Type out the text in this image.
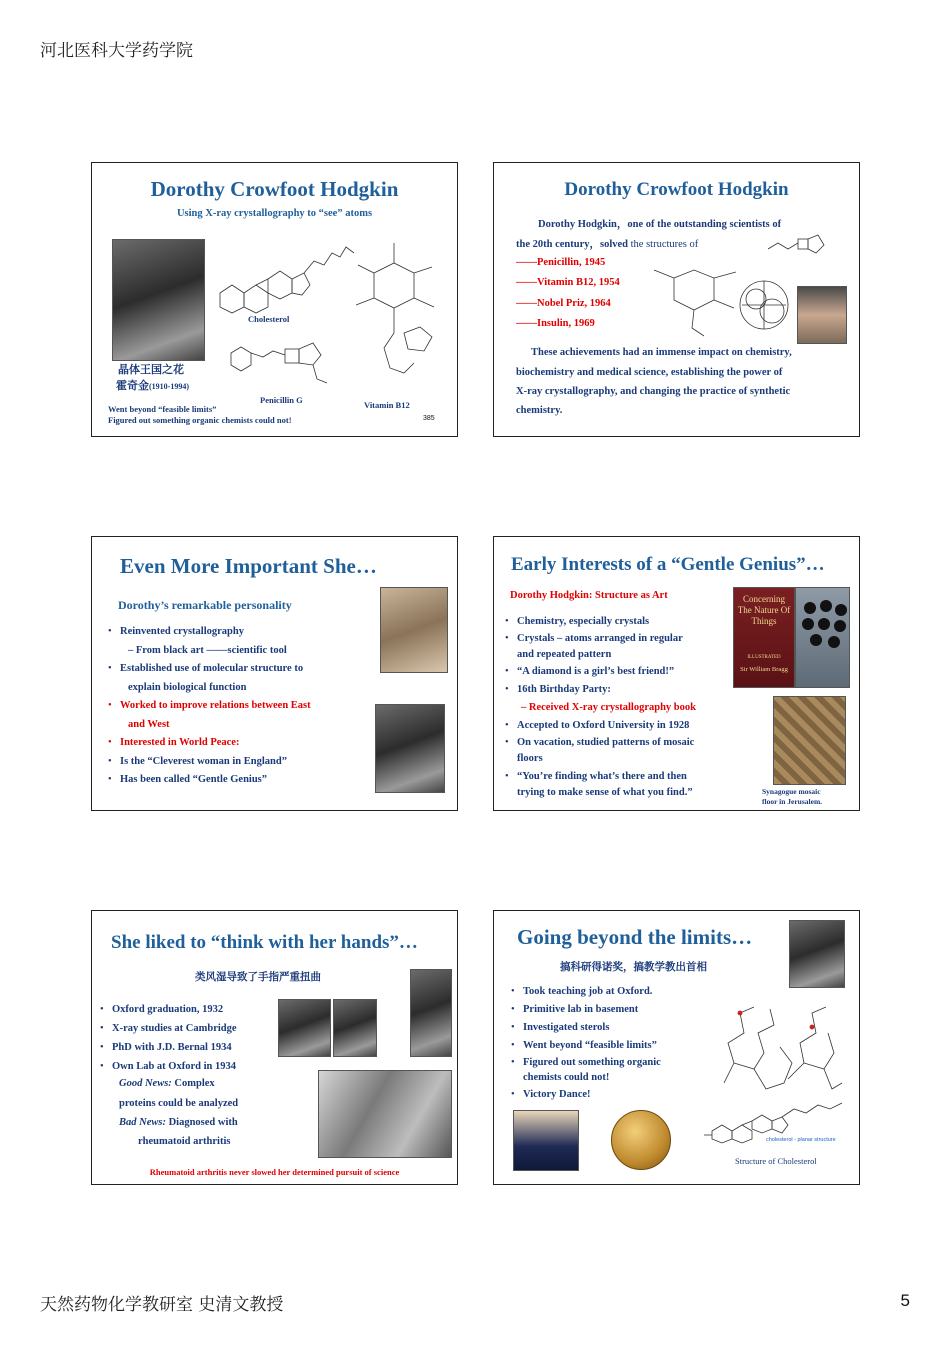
河北医科大学药学院
Dorothy Crowfoot Hodgkin
Using X-ray crystallography to “see” atoms
晶体王国之花
霍奇金(1910-1994)
Cholesterol
Penicillin G	Vitamin B12
Went beyond “feasible limits”
Figured out something organic chemists could not!	385
Dorothy Crowfoot Hodgkin
Dorothy Hodgkin，one of the outstanding scientists of
the 20th century，solved the structures of
——Penicillin, 1945
——Vitamin B12, 1954
——Nobel Priz, 1964
——Insulin, 1969
These achievements had an immense impact on chemistry,
biochemistry and medical science, establishing the power of
X-ray crystallography, and changing the practice of synthetic
chemistry.
Even More Important She…
Dorothy’s remarkable personality
• Reinvented crystallography
– From black art ——scientific tool
• Established use of molecular structure to
explain biological function
• Worked to improve relations between East
and West
• Interested in World Peace:
• Is the “Cleverest woman in England”
• Has been called “Gentle Genius”
Early Interests of a “Gentle Genius”…
Dorothy Hodgkin: Structure as Art
• Chemistry, especially crystals
• Crystals – atoms arranged in regular
and repeated pattern
• “A diamond is a girl’s best friend!”
• 16th Birthday Party:
– Received X-ray crystallography book
• Accepted to Oxford University in 1928
• On vacation, studied patterns of mosaic
floors
• “You’re finding what’s there and then
trying to make sense of what you find.”
Concerning The Nature Of Things
ILLUSTRATED
Sir William Bragg
Synagogue mosaic
floor in Jerusalem.
She liked to “think with her hands”…
类风湿导致了手指严重扭曲
• Oxford graduation, 1932
• X-ray studies at Cambridge
• PhD with J.D. Bernal 1934
• Own Lab at Oxford in 1934
Good News: Complex
proteins could be analyzed
Bad News: Diagnosed with
rheumatoid arthritis
Rheumatoid arthritis never slowed her determined pursuit of science
Going beyond the limits…
搞科研得诺奖，搞教学教出首相
• Took teaching job at Oxford.
• Primitive lab in basement
• Investigated sterols
• Went beyond “feasible limits”
• Figured out something organic
chemists could not!
• Victory Dance!
cholesterol - planar structure
Structure of Cholesterol
天然药物化学教研室 史清文教授	5
